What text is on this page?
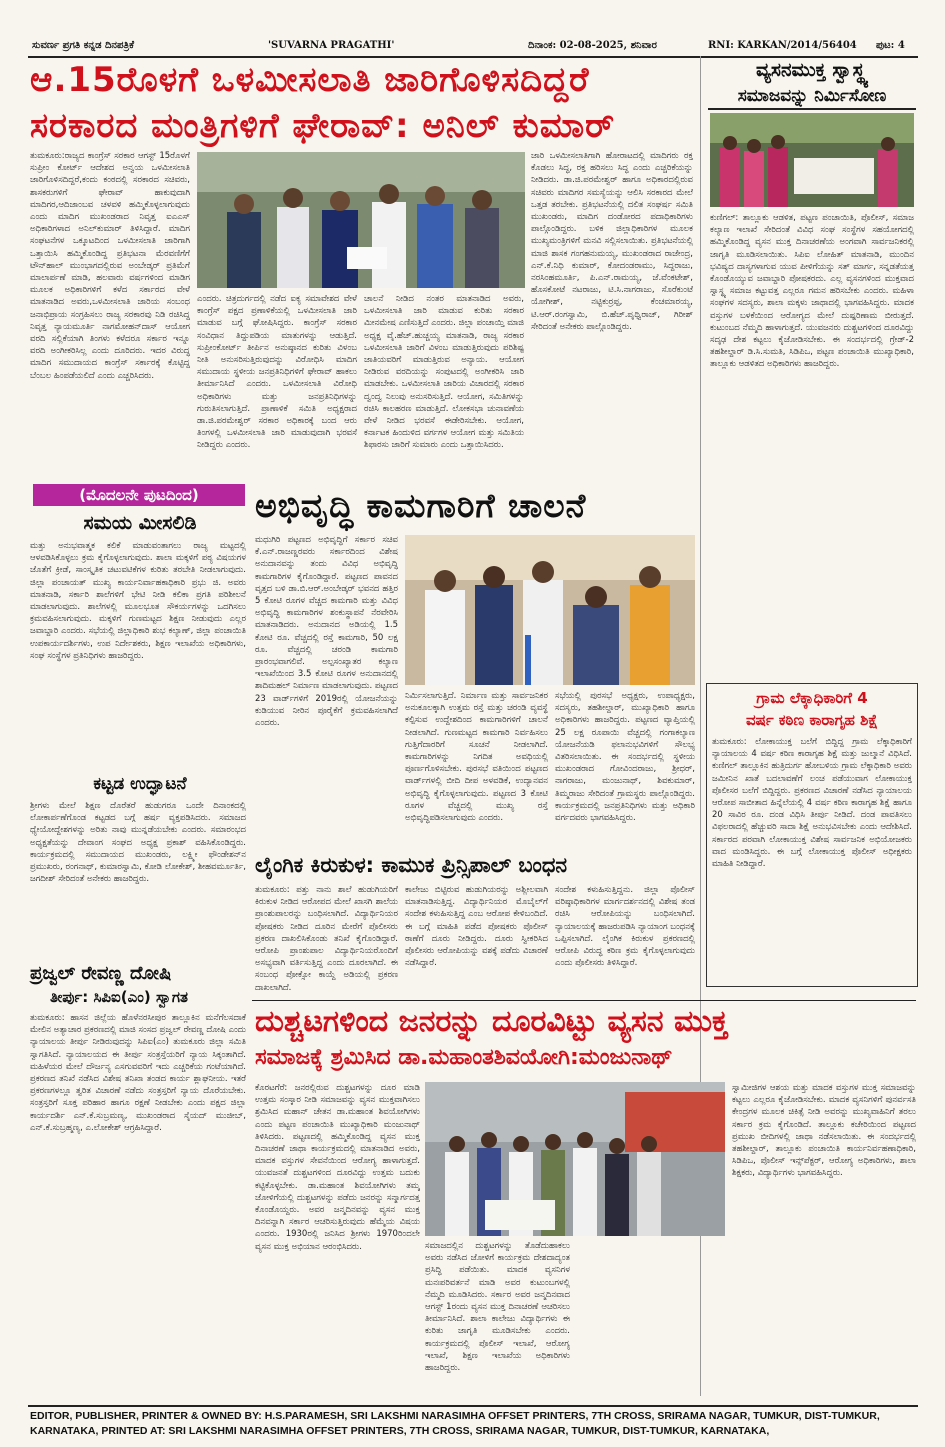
ಸುವರ್ಣ ಪ್ರಗತಿ ಕನ್ನಡ ದಿನಪತ್ರಿಕೆ	'SUVARNA PRAGATHI'	ದಿನಾಂಕ: 02-08-2025, ಶನಿವಾರ	RNI: KARKAN/2014/56404 ಪುಟ: 4
ಆ.15ರೊಳಗೆ ಒಳಮೀಸಲಾತಿ ಜಾರಿಗೊಳಿಸದಿದ್ದರೆ
ಸರಕಾರದ ಮಂತ್ರಿಗಳಿಗೆ ಘೇರಾವ್: ಅನಿಲ್ ಕುಮಾರ್
ತುಮಕೂರು:ರಾಜ್ಯದ ಕಾಂಗ್ರೆಸ್ ಸರಕಾರ ಆಗಸ್ಟ್ 15ರೊಳಗೆ ಸುಪ್ರೀಂ ಕೋರ್ಟ್ ಆದೇಶದ ಅನ್ವಯ ಒಳಮೀಸಲಾತಿ ಜಾರಿಗೊಳಿಸದಿದ್ದರೆ,ಕಂದು ಕಂಠದಲ್ಲಿ ಸರಕಾರದ ಸಚಿವರು, ಶಾಸಕರುಗಳಿಗೆ ಘೇರಾವ್ ಹಾಕುವುದಾಗಿ ಮಾದಿಗರ,ಆದಿಜಾಂಬವ ಚಳವಳಿ ಹಮ್ಮಿಕೊಳ್ಳಲಾಗುವುದು ಎಂದು ಮಾದಿಗ ಮುಖಂಡರಾದ ನಿವೃತ್ತ ಐಎಎಸ್ ಅಧಿಕಾರಿಗಳಾದ ಅನಿಲ್‌ಕುಮಾರ್ ತಿಳಿಸಿದ್ದಾರೆ. ಮಾದಿಗ ಸಂಘಟನೆಗಳ ಒಕ್ಕೂಟದಿಂದ ಒಳಮೀಸಲಾತಿ ಜಾರಿಗಾಗಿ ಒತ್ತಾಯಿಸಿ ಹಮ್ಮಿಕೊಂಡಿದ್ದ ಪ್ರತಿಭಟನಾ ಮೆರವಣಿಗೆಗೆ ಟೌನ್‌ಹಾಲ್ ಮುಂಭಾಗದಲ್ಲಿರುವ ಅಂಬೇಡ್ಕರ್ ಪ್ರತಿಮೆಗೆ ಮಾಲಾರ್ಪಣೆ ಮಾಡಿ, ಹಲವಾರು ವರ್ಷಗಳಿಂದ ಮಾಡಿಗ ಮೂಲಕ ಅಧಿಕಾರಿಗಳಿಗೆ ಕಳೆದ ಸರ್ಕಾರದ ವೇಳೆ ಮಾತನಾಡಿದ ಅವರು,ಒಳಮೀಸಲಾತಿ ಜಾರಿಯ ಸಂಬಂಧ ಜನಾಭಿಪ್ರಾಯ ಸಂಗ್ರಹಿಸಲು ರಾಜ್ಯ ಸರಕಾರವು ನಿಡಿ ರಚಿಸಿದ್ದ ನಿವೃತ್ತ ನ್ಯಾಯಮೂರ್ತಿ ನಾಗಮೋಹನ್‌ದಾಸ್ ಆಯೋಗ ವರದಿ ಸಲ್ಲಿಕೆಯಾಗಿ ತಿಂಗಳು ಕಳೆದರೂ ಸರ್ಕಾರ ಇನ್ನೂ ವರದಿ ಅಂಗೀಕರಿಸಿಲ್ಲ ಎಂದು ದೂರಿದರು. ಇದರ ವಿರುದ್ಧ ಮಾದಿಗ ಸಮುದಾಯದ ಕಾಂಗ್ರೆಸ್ ಸರ್ಕಾರಕ್ಕೆ ಕೊಟ್ಟಿದ್ದ ಬೆಂಬಲ ಹಿಂಪಡೆಯಲಿದೆ ಎಂದು ಎಚ್ಚರಿಸಿದರು.
ಎಂದರು. ಚಿತ್ರದುರ್ಗದಲ್ಲಿ ನಡೆದ ಐಕ್ಯ ಸಮಾವೇಶದ ವೇಳೆ ಕಾಂಗ್ರೆಸ್ ಪಕ್ಷದ ಪ್ರಣಾಳಿಕೆಯಲ್ಲಿ ಒಳಮೀಸಲಾತಿ ಜಾರಿ ಮಾಡುವ ಬಗ್ಗೆ ಘೋಷಿಸಿದ್ದರು. ಕಾಂಗ್ರೆಸ್ ಸರಕಾರ ಸಂವಿಧಾನ ತಿದ್ದುಪಡಿಯ ಮಾತುಗಳನ್ನು ಆಡುತ್ತಿದೆ. ಸುಪ್ರೀಂಕೋರ್ಟ್ ತೀರ್ಪಿನ ಅನುಷ್ಠಾನದ ಕುರಿತು ವಿಳಂಬ ನೀತಿ ಅನುಸರಿಸುತ್ತಿರುವುದನ್ನು ವಿರೋಧಿಸಿ ಮಾದಿಗ ಸಮುದಾಯ ಸ್ಥಳೀಯ ಜನಪ್ರತಿನಿಧಿಗಳಿಗೆ ಘೇರಾವ್ ಹಾಕಲು ತೀರ್ಮಾನಿಸಿದೆ ಎಂದರು. ಒಳಮೀಸಲಾತಿ ವಿರೋಧಿ ಅಧಿಕಾರಿಗಳು ಮತ್ತು ಜನಪ್ರತಿನಿಧಿಗಳನ್ನು ಗುರುತಿಸಲಾಗುತ್ತಿದೆ. ಪ್ರಾಣಾಳಿಕೆ ಸಮಿತಿ ಅಧ್ಯಕ್ಷರಾದ ಡಾ.ಜಿ.ಪರಮೇಶ್ವರ್ ಸರಕಾರ ಅಧಿಕಾರಕ್ಕೆ ಬಂದ ಆರು ತಿಂಗಳಲ್ಲಿ ಒಳಮೀಸಲಾತಿ ಜಾರಿ ಮಾಡುವುದಾಗಿ ಭರವಸೆ ನೀಡಿದ್ದರು ಎಂದರು.
ಚಾಲನೆ ನೀಡಿದ ನಂತರ ಮಾತನಾಡಿದ ಅವರು, ಒಳಮೀಸಲಾತಿ ಜಾರಿ ಮಾಡುವ ಕುರಿತು ಸರಕಾರ ಮೀನಮೇಷ ಎಣಿಸುತ್ತಿದೆ ಎಂದರು. ಜಿಲ್ಲಾ ಪಂಚಾಯ್ತಿ ಮಾಜಿ ಅಧ್ಯಕ್ಷ ವೈ.ಹೆಚ್.ಹುಚ್ಚಯ್ಯ ಮಾತನಾಡಿ, ರಾಜ್ಯ ಸರಕಾರ ಒಳಮೀಸಲಾತಿ ಜಾರಿಗೆ ವಿಳಂಬ ಮಾಡುತ್ತಿರುವುದು ಪರಿಶಿಷ್ಟ ಜಾತಿಯವರಿಗೆ ಮಾಡುತ್ತಿರುವ ಅನ್ಯಾಯ. ಆಯೋಗ ನೀಡಿರುವ ವರದಿಯನ್ನು ಸಂಪುಟದಲ್ಲಿ ಅಂಗೀಕರಿಸಿ ಜಾರಿ ಮಾಡಬೇಕು. ಒಳಮೀಸಲಾತಿ ಜಾರಿಯ ವಿಚಾರದಲ್ಲಿ ಸರಕಾರ ದ್ವಂದ್ವ ನಿಲುವು ಅನುಸರಿಸುತ್ತಿದೆ. ಆಯೋಗ, ಸಮಿತಿಗಳನ್ನು ರಚಿಸಿ ಕಾಲಹರಣ ಮಾಡುತ್ತಿದೆ. ಲೋಕಸಭಾ ಚುನಾವಣೆಯ ವೇಳೆ ನೀಡಿದ ಭರವಸೆ ಈಡೇರಿಸಬೇಕು. ಆಯೋಗ, ಕರ್ನಾಟಕ ಹಿಂದುಳಿದ ವರ್ಗಗಳ ಆಯೋಗ ಮತ್ತು ಸಮಿತಿಯ ಶಿಫಾರಸು ಜಾರಿಗೆ ಸುಮಾರು ಎಂದು ಒತ್ತಾಯಿಸಿದರು.
ಜಾರಿ ಒಳಮೀಸಲಾತಿಗಾಗಿ ಹೋರಾಟದಲ್ಲಿ ಮಾದಿಗರು ರಕ್ತ ಕೊಡಲು ಸಿದ್ಧ, ರಕ್ತ ಹರಿಸಲು ಸಿದ್ಧ ಎಂದು ಎಚ್ಚರಿಕೆಯನ್ನು ನೀಡಿದರು. ಡಾ.ಜಿ.ಪರಮೇಶ್ವರ್ ಹಾಗೂ ಅಧಿಕಾರದಲ್ಲಿರುವ ಸಚಿವರು ಮಾದಿಗರ ಸಮಸ್ಯೆಯನ್ನು ಆಲಿಸಿ ಸರಕಾರದ ಮೇಲೆ ಒತ್ತಡ ತರಬೇಕು. ಪ್ರತಿಭಟನೆಯಲ್ಲಿ ದಲಿತ ಸಂಘರ್ಷ ಸಮಿತಿ ಮುಖಂಡರು, ಮಾದಿಗ ದಂಡೋರದ ಪದಾಧಿಕಾರಿಗಳು ಪಾಲ್ಗೊಂಡಿದ್ದರು. ಬಳಿಕ ಜಿಲ್ಲಾಧಿಕಾರಿಗಳ ಮೂಲಕ ಮುಖ್ಯಮಂತ್ರಿಗಳಿಗೆ ಮನವಿ ಸಲ್ಲಿಸಲಾಯಿತು. ಪ್ರತಿಭಟನೆಯಲ್ಲಿ ಮಾಜಿ ಶಾಸಕ ಗಂಗಹನುಮಯ್ಯ, ಮುಖಂಡರಾದ ರಾಜೇಂದ್ರ, ಎನ್.ಕೆ.ನಿಧಿ ಕುಮಾರ್, ಕೋದಂಡರಾಮು, ಸಿದ್ದರಾಜು, ನರಸಿಂಹಮೂರ್ತಿ, ಪಿ.ಎನ್.ರಾಮಯ್ಯ, ಜೆ.ವೆಂಕಟೇಶ್, ಹೊಸಕೋಟೆ ನಟರಾಜು, ಟಿ.ಸಿ.ನಾಗರಾಜು, ಸೊರೆಕುಂಟೆ ಯೋಗೀಶ್, ನಟ್ಟಿಕುರ್‍ರಪ್ಪ, ಕೆಂಚಮಾರಯ್ಯ, ಟಿ.ಆರ್.ರಂಗಸ್ವಾಮಿ, ಬಿ.ಹೆಚ್.ಪೃಥ್ವಿರಾಜ್, ಗಿರೀಶ್ ಸೇರಿದಂತೆ ಅನೇಕರು ಪಾಲ್ಗೊಂಡಿದ್ದರು.
ವ್ಯಸನಮುಕ್ತ ಸ್ವಾಸ್ಥ್ಯ
ಸಮಾಜವನ್ನು ನಿರ್ಮಿಸೋಣ
ಕುಣಿಗಲ್: ತಾಲ್ಲೂಕು ಆಡಳಿತ, ಪಟ್ಟಣ ಪಂಚಾಯಿತಿ, ಪೊಲೀಸ್, ಸಮಾಜ ಕಲ್ಯಾಣ ಇಲಾಖೆ ಸೇರಿದಂತೆ ವಿವಿಧ ಸಂಘ ಸಂಸ್ಥೆಗಳ ಸಹಯೋಗದಲ್ಲಿ ಹಮ್ಮಿಕೊಂಡಿದ್ದ ವ್ಯಸನ ಮುಕ್ತ ದಿನಾಚರಣೆಯ ಅಂಗವಾಗಿ ಸಾರ್ವಜನಿಕರಲ್ಲಿ ಜಾಗೃತಿ ಮೂಡಿಸಲಾಯಿತು. ಸಿಪಿಐ ಲೋಹಿತ್ ಮಾತನಾಡಿ, ಮುಂದಿನ ಭವಿಷ್ಯದ ದಾಸ್ಯಗಳಾಗುವ ಯುವ ಪೀಳಿಗೆಯನ್ನು ಸತ್ ಮಾರ್ಗ, ಸನ್ನಡತೆಯತ್ತ ಕೊಂಡೊಯ್ಯುವ ಜವಾಬ್ದಾರಿ ಪೋಷಕರದು. ಎಲ್ಲ ವ್ಯಸನಗಳಿಂದ ಮುಕ್ತವಾದ ಸ್ವಾಸ್ಥ್ಯ ಸಮಾಜ ಕಟ್ಟುವತ್ತ ಎಲ್ಲರೂ ಗಮನ ಹರಿಸಬೇಕು ಎಂದರು. ಮಹಿಳಾ ಸಂಘಗಳ ಸದಸ್ಯರು, ಶಾಲಾ ಮಕ್ಕಳು ಜಾಥಾದಲ್ಲಿ ಭಾಗವಹಿಸಿದ್ದರು. ಮಾದಕ ವಸ್ತುಗಳ ಬಳಕೆಯಿಂದ ಆರೋಗ್ಯದ ಮೇಲೆ ದುಷ್ಪರಿಣಾಮ ಬೀರುತ್ತದೆ. ಕುಟುಂಬದ ನೆಮ್ಮದಿ ಹಾಳಾಗುತ್ತದೆ. ಯುವಜನರು ದುಶ್ಚಟಗಳಿಂದ ದೂರವಿದ್ದು ಸದೃಢ ದೇಶ ಕಟ್ಟಲು ಕೈಜೋಡಿಸಬೇಕು. ಈ ಸಂದರ್ಭದಲ್ಲಿ ಗ್ರೇಡ್-2 ತಹಶೀಲ್ದಾರ್ ಡಿ.ಸಿ.ಸುಮತಿ, ಸಿಡಿಪಿಒ, ಪಟ್ಟಣ ಪಂಚಾಯಿತಿ ಮುಖ್ಯಾಧಿಕಾರಿ, ತಾಲ್ಲೂಕು ಆಡಳಿತದ ಅಧಿಕಾರಿಗಳು ಹಾಜರಿದ್ದರು.
ಗ್ರಾಮ ಲೆಕ್ಕಾಧಿಕಾರಿಗೆ 4
ವರ್ಷ ಕಠಿಣ ಕಾರಾಗೃಹ ಶಿಕ್ಷೆ
ತುಮಕೂರು: ಲೋಕಾಯುಕ್ತ ಬಲೆಗೆ ಬಿದ್ದಿದ್ದ ಗ್ರಾಮ ಲೆಕ್ಕಾಧಿಕಾರಿಗೆ ನ್ಯಾಯಾಲಯ 4 ವರ್ಷ ಕಠಿಣ ಕಾರಾಗೃಹ ಶಿಕ್ಷೆ ಮತ್ತು ಜುಲ್ಮಾನೆ ವಿಧಿಸಿದೆ. ಕುಣಿಗಲ್ ತಾಲ್ಲೂಕಿನ ಹುತ್ರಿದುರ್ಗ ಹೋಬಳಿಯ ಗ್ರಾಮ ಲೆಕ್ಕಾಧಿಕಾರಿ ಅವರು ಜಮೀನಿನ ಖಾತೆ ಬದಲಾವಣೆಗೆ ಲಂಚ ಪಡೆಯುವಾಗ ಲೋಕಾಯುಕ್ತ ಪೊಲೀಸರ ಬಲೆಗೆ ಬಿದ್ದಿದ್ದರು. ಪ್ರಕರಣದ ವಿಚಾರಣೆ ನಡೆಸಿದ ನ್ಯಾಯಾಲಯ ಆರೋಪ ಸಾಬೀತಾದ ಹಿನ್ನೆಲೆಯಲ್ಲಿ 4 ವರ್ಷ ಕಠಿಣ ಕಾರಾಗೃಹ ಶಿಕ್ಷೆ ಹಾಗೂ 20 ಸಾವಿರ ರೂ. ದಂಡ ವಿಧಿಸಿ ತೀರ್ಪು ನೀಡಿದೆ. ದಂಡ ಪಾವತಿಸಲು ವಿಫಲರಾದಲ್ಲಿ ಹೆಚ್ಚುವರಿ ಸಾದಾ ಶಿಕ್ಷೆ ಅನುಭವಿಸಬೇಕು ಎಂದು ಆದೇಶಿಸಿದೆ. ಸರ್ಕಾರದ ಪರವಾಗಿ ಲೋಕಾಯುಕ್ತ ವಿಶೇಷ ಸಾರ್ವಜನಿಕ ಅಭಿಯೋಜಕರು ವಾದ ಮಂಡಿಸಿದ್ದರು. ಈ ಬಗ್ಗೆ ಲೋಕಾಯುಕ್ತ ಪೊಲೀಸ್ ಅಧೀಕ್ಷಕರು ಮಾಹಿತಿ ನೀಡಿದ್ದಾರೆ.
(ಮೊದಲನೇ ಪುಟದಿಂದ)
ಸಮಯ ಮೀಸಲಿಡಿ
ಮತ್ತು ಅನುಭವಾತ್ಮಕ ಕಲಿಕೆ ಮಾಡುವಂತಾಗಲು ರಾಜ್ಯ ಮಟ್ಟದಲ್ಲಿ ಆಳವಡಿಸಿಕೊಳ್ಳಲು ಕ್ರಮ ಕೈಗೊಳ್ಳಲಾಗುವುದು. ಶಾಲಾ ಮಕ್ಕಳಿಗೆ ಪಠ್ಯ ವಿಷಯಗಳ ಜೊತೆಗೆ ಕ್ರೀಡೆ, ಸಾಂಸ್ಕೃತಿಕ ಚಟುವಟಿಕೆಗಳ ಕುರಿತು ತರಬೇತಿ ನೀಡಲಾಗುವುದು. ಜಿಲ್ಲಾ ಪಂಚಾಯತ್ ಮುಖ್ಯ ಕಾರ್ಯನಿರ್ವಾಹಕಾಧಿಕಾರಿ ಪ್ರಭು ಜಿ. ಅವರು ಮಾತನಾಡಿ, ಸರ್ಕಾರಿ ಶಾಲೆಗಳಿಗೆ ಭೇಟಿ ನೀಡಿ ಕಲಿಕಾ ಪ್ರಗತಿ ಪರಿಶೀಲನೆ ಮಾಡಲಾಗುವುದು. ಶಾಲೆಗಳಲ್ಲಿ ಮೂಲಭೂತ ಸೌಕರ್ಯಗಳನ್ನು ಒದಗಿಸಲು ಕ್ರಮವಹಿಸಲಾಗುವುದು. ಮಕ್ಕಳಿಗೆ ಗುಣಮಟ್ಟದ ಶಿಕ್ಷಣ ನೀಡುವುದು ಎಲ್ಲರ ಜವಾಬ್ದಾರಿ ಎಂದರು. ಸಭೆಯಲ್ಲಿ ಜಿಲ್ಲಾಧಿಕಾರಿ ಶುಭ ಕಲ್ಯಾಣ್, ಜಿಲ್ಲಾ ಪಂಚಾಯಿತಿ ಉಪಕಾರ್ಯದರ್ಶಿಗಳು, ಉಪ ನಿರ್ದೇಶಕರು, ಶಿಕ್ಷಣ ಇಲಾಖೆಯ ಅಧಿಕಾರಿಗಳು, ಸಂಘ ಸಂಸ್ಥೆಗಳ ಪ್ರತಿನಿಧಿಗಳು ಹಾಜರಿದ್ದರು.
ಕಟ್ಟಡ ಉದ್ಘಾಟನೆ
ಶ್ರೀಗಳು ಮೇಲೆ ಶಿಕ್ಷಣ ದೊರೆತರೆ ಹುಡುಗರೂ ಒಂದೇ ದಿನಾಂಕದಲ್ಲಿ ಲೋಕಾರ್ಪಣೆಗೊಂಡ ಕಟ್ಟಡದ ಬಗ್ಗೆ ಹರ್ಷ ವ್ಯಕ್ತಪಡಿಸಿದರು. ಸಮಾಜದ ಧ್ಯೇಯೋದ್ದೇಶಗಳನ್ನು ಅರಿತು ನಾವು ಮುನ್ನಡೆಯಬೇಕು ಎಂದರು. ಸಮಾರಂಭದ ಅಧ್ಯಕ್ಷತೆಯನ್ನು ದೇವಾಂಗ ಸಂಘದ ಅಧ್ಯಕ್ಷ ಪ್ರಕಾಶ್ ವಹಿಸಿಕೊಂಡಿದ್ದರು. ಕಾರ್ಯಕ್ರಮದಲ್ಲಿ ಸಮುದಾಯದ ಮುಖಂಡರು, ಲಕ್ಷ್ಮೀ ಫೌಂಡೇಶನ್‌ನ ಪ್ರಮುಖರು, ರಂಗನಾಥ್, ಕುಮಾರಸ್ವಾಮಿ, ಕೋಡಿ ಲೋಕೇಶ್, ಶೀಹವರ್ಮೂರ್ತಿ, ಜಗದೀಶ್ ಸೇರಿದಂತೆ ಅನೇಕರು ಹಾಜರಿದ್ದರು.
ಪ್ರಜ್ವಲ್ ರೇವಣ್ಣ ದೋಷಿ
ತೀರ್ಪು: ಸಿಪಿಐ(ಎಂ) ಸ್ವಾಗತ
ತುಮಕೂರು: ಹಾಸನ ಜಿಲ್ಲೆಯ ಹೊಳೆನರಸೀಪುರ ತಾಲ್ಲೂಕಿನ ಮನೆಗೆಲಸದಾಕೆ ಮೇಲಿನ ಅತ್ಯಾಚಾರ ಪ್ರಕರಣದಲ್ಲಿ ಮಾಜಿ ಸಂಸದ ಪ್ರಜ್ವಲ್ ರೇವಣ್ಣ ದೋಷಿ ಎಂದು ನ್ಯಾಯಾಲಯ ತೀರ್ಪು ನೀಡಿರುವುದನ್ನು ಸಿಪಿಐ(ಎಂ) ತುಮಕೂರು ಜಿಲ್ಲಾ ಸಮಿತಿ ಸ್ವಾಗತಿಸಿದೆ. ನ್ಯಾಯಾಲಯದ ಈ ತೀರ್ಪು ಸಂತ್ರಸ್ತೆಯರಿಗೆ ನ್ಯಾಯ ಸಿಕ್ಕಂತಾಗಿದೆ. ಮಹಿಳೆಯರ ಮೇಲೆ ದೌರ್ಜನ್ಯ ಎಸಗುವವರಿಗೆ ಇದು ಎಚ್ಚರಿಕೆಯ ಗಂಟೆಯಾಗಿದೆ. ಪ್ರಕರಣದ ತನಿಖೆ ನಡೆಸಿದ ವಿಶೇಷ ತನಿಖಾ ತಂಡದ ಕಾರ್ಯ ಶ್ಲಾಘನೀಯ. ಇತರೆ ಪ್ರಕರಣಗಳಲ್ಲೂ ತ್ವರಿತ ವಿಚಾರಣೆ ನಡೆದು ಸಂತ್ರಸ್ತರಿಗೆ ನ್ಯಾಯ ದೊರೆಯಬೇಕು. ಸಂತ್ರಸ್ತರಿಗೆ ಸೂಕ್ತ ಪರಿಹಾರ ಹಾಗೂ ರಕ್ಷಣೆ ನೀಡಬೇಕು ಎಂದು ಪಕ್ಷದ ಜಿಲ್ಲಾ ಕಾರ್ಯದರ್ಶಿ ಎನ್.ಕೆ.ಸುಬ್ರಮಣ್ಯ, ಮುಖಂಡರಾದ ಸೈಯದ್ ಮುಜೀಬ್, ಎನ್.ಕೆ.ಸುಬ್ರಹ್ಮಣ್ಯ, ಎ.ಲೋಕೇಶ್ ಆಗ್ರಹಿಸಿದ್ದಾರೆ.
ಅಭಿವೃದ್ಧಿ ಕಾಮಗಾರಿಗೆ ಚಾಲನೆ
ಮಧುಗಿರಿ ಪಟ್ಟಣದ ಅಭಿವೃದ್ಧಿಗೆ ಸರ್ಕಾರ ಸಚಿವ ಕೆ.ಎನ್.ರಾಜಣ್ಣರವರು ಸರ್ಕಾರದಿಂದ ವಿಶೇಷ ಅನುದಾನವನ್ನು ತಂದು ವಿವಿಧ ಅಭಿವೃದ್ಧಿ ಕಾಮಗಾರಿಗಳ ಕೈಗೊಂಡಿದ್ದಾರೆ. ಪಟ್ಟಣದ ಪಾವನದ ವೃತ್ತದ ಬಳಿ ಡಾ.ಬಿ.ಆರ್.ಅಂಬೇಡ್ಕರ್ ಭವನದ ಹತ್ತಿರ 5 ಕೋಟಿ ರೂಗಳ ವೆಚ್ಚದ ಕಾಮಗಾರಿ ಮತ್ತು ವಿವಿಧ ಅಭಿವೃದ್ಧಿ ಕಾಮಗಾರಿಗಳ ಶಂಕುಸ್ಥಾಪನೆ ನೆರವೇರಿಸಿ ಮಾತನಾಡಿದರು. ಅನುದಾನದ ಅಡಿಯಲ್ಲಿ 1.5 ಕೋಟಿ ರೂ. ವೆಚ್ಚದಲ್ಲಿ ರಸ್ತೆ ಕಾಮಗಾರಿ, 50 ಲಕ್ಷ ರೂ. ವೆಚ್ಚದಲ್ಲಿ ಚರಂಡಿ ಕಾಮಗಾರಿ ಪ್ರಾರಂಭವಾಗಲಿವೆ. ಅಲ್ಪಸಂಖ್ಯಾತರ ಕಲ್ಯಾಣ ಇಲಾಖೆಯಿಂದ 3.5 ಕೋಟಿ ರೂಗಳ ಅನುದಾನದಲ್ಲಿ ಶಾದಿಮಹಲ್ ನಿರ್ಮಾಣ ಮಾಡಲಾಗುವುದು. ಪಟ್ಟಣದ 23 ವಾರ್ಡ್‌ಗಳಿಗೆ 2019ರಲ್ಲಿ ಯೋಜನೆಯನ್ನು ಕುಡಿಯುವ ನೀರಿನ ಪೂರೈಕೆಗೆ ಕ್ರಮವಹಿಸಲಾಗಿದೆ ಎಂದರು.
ನಿರ್ಮಿಸಲಾಗುತ್ತಿದೆ. ನಿರ್ಮಾಣ ಮತ್ತು ಸಾರ್ವಜನಿಕರ ಅನುಕೂಲಕ್ಕಾಗಿ ಉತ್ತಮ ರಸ್ತೆ ಮತ್ತು ಚರಂಡಿ ವ್ಯವಸ್ಥೆ ಕಲ್ಪಿಸುವ ಉದ್ದೇಶದಿಂದ ಕಾಮಗಾರಿಗಳಿಗೆ ಚಾಲನೆ ನೀಡಲಾಗಿದೆ. ಗುಣಮಟ್ಟದ ಕಾಮಗಾರಿ ನಿರ್ವಹಿಸಲು ಗುತ್ತಿಗೆದಾರರಿಗೆ ಸೂಚನೆ ನೀಡಲಾಗಿದೆ. ಕಾಮಗಾರಿಗಳನ್ನು ನಿಗದಿತ ಅವಧಿಯಲ್ಲಿ ಪೂರ್ಣಗೊಳಿಸಬೇಕು. ಪುರಸಭೆ ವತಿಯಿಂದ ಪಟ್ಟಣದ ವಾರ್ಡ್‌ಗಳಲ್ಲಿ ಬೀದಿ ದೀಪ ಅಳವಡಿಕೆ, ಉದ್ಯಾನವನ ಅಭಿವೃದ್ಧಿ ಕೈಗೊಳ್ಳಲಾಗುವುದು. ಪಟ್ಟಣದ 3 ಕೋಟಿ ರೂಗಳ ವೆಚ್ಚದಲ್ಲಿ ಮುಖ್ಯ ರಸ್ತೆ ಅಭಿವೃದ್ಧಿಪಡಿಸಲಾಗುವುದು ಎಂದರು.
ಸಭೆಯಲ್ಲಿ ಪುರಸಭೆ ಅಧ್ಯಕ್ಷರು, ಉಪಾಧ್ಯಕ್ಷರು, ಸದಸ್ಯರು, ತಹಶೀಲ್ದಾರ್, ಮುಖ್ಯಾಧಿಕಾರಿ ಹಾಗೂ ಅಧಿಕಾರಿಗಳು ಹಾಜರಿದ್ದರು. ಪಟ್ಟಣದ ವ್ಯಾಪ್ತಿಯಲ್ಲಿ 25 ಲಕ್ಷ ರೂಪಾಯಿ ವೆಚ್ಚದಲ್ಲಿ ಗಂಗಾಕಲ್ಯಾಣ ಯೋಜನೆಯಡಿ ಫಲಾನುಭವಿಗಳಿಗೆ ಸೌಲಭ್ಯ ವಿತರಿಸಲಾಯಿತು. ಈ ಸಂದರ್ಭದಲ್ಲಿ ಸ್ಥಳೀಯ ಮುಖಂಡರಾದ ಗೋವಿಂದರಾಜು, ಶ್ರೀಧರ್, ನಾಗರಾಜು, ಮಂಜುನಾಥ್, ಶಿವಕುಮಾರ್, ತಿಮ್ಮರಾಜು ಸೇರಿದಂತೆ ಗ್ರಾಮಸ್ಥರು ಪಾಲ್ಗೊಂಡಿದ್ದರು. ಕಾರ್ಯಕ್ರಮದಲ್ಲಿ ಜನಪ್ರತಿನಿಧಿಗಳು ಮತ್ತು ಅಧಿಕಾರಿ ವರ್ಗದವರು ಭಾಗವಹಿಸಿದ್ದರು.
ಲೈಂಗಿಕ ಕಿರುಕುಳ: ಕಾಮುಕ ಪ್ರಿನ್ಸಿಪಾಲ್ ಬಂಧನ
ತುಮಕೂರು: ಪತ್ತು ನಾನು ಶಾಲೆ ಹುಡುಗಿಯರಿಗೆ ಕಿರುಕುಳ ನೀಡಿದ ಆರೋಪದ ಮೇಲೆ ಖಾಸಗಿ ಶಾಲೆಯ ಪ್ರಾಂಶುಪಾಲರನ್ನು ಬಂಧಿಸಲಾಗಿದೆ. ವಿದ್ಯಾರ್ಥಿನಿಯರ ಪೋಷಕರು ನೀಡಿದ ದೂರಿನ ಮೇರೆಗೆ ಪೊಲೀಸರು ಪ್ರಕರಣ ದಾಖಲಿಸಿಕೊಂಡು ತನಿಖೆ ಕೈಗೊಂಡಿದ್ದಾರೆ. ಆರೋಪಿ ಪ್ರಾಂಶುಪಾಲ ವಿದ್ಯಾರ್ಥಿನಿಯರೊಂದಿಗೆ ಅಸಭ್ಯವಾಗಿ ವರ್ತಿಸುತ್ತಿದ್ದ ಎಂದು ದೂರಲಾಗಿದೆ. ಈ ಸಂಬಂಧ ಪೋಕ್ಸೋ ಕಾಯ್ದೆ ಅಡಿಯಲ್ಲಿ ಪ್ರಕರಣ ದಾಖಲಾಗಿದೆ.
ಕಾಲೇಜು ಬಿಟ್ಟಿರುವ ಹುಡುಗಿಯರನ್ನು ಅಶ್ಲೀಲವಾಗಿ ಮಾತನಾಡಿಸುತ್ತಿದ್ದ. ವಿದ್ಯಾರ್ಥಿನಿಯರ ಮೊಬೈಲ್‌ಗೆ ಸಂದೇಶ ಕಳುಹಿಸುತ್ತಿದ್ದ ಎಂಬ ಆರೋಪ ಕೇಳಿಬಂದಿದೆ. ಈ ಬಗ್ಗೆ ಮಾಹಿತಿ ಪಡೆದ ಪೋಷಕರು ಪೊಲೀಸ್ ಠಾಣೆಗೆ ದೂರು ನೀಡಿದ್ದರು. ದೂರು ಸ್ವೀಕರಿಸಿದ ಪೊಲೀಸರು ಆರೋಪಿಯನ್ನು ವಶಕ್ಕೆ ಪಡೆದು ವಿಚಾರಣೆ ನಡೆಸಿದ್ದಾರೆ.
ಸಂದೇಶ ಕಳುಹಿಸುತ್ತಿದ್ದನು. ಜಿಲ್ಲಾ ಪೊಲೀಸ್ ವರಿಷ್ಠಾಧಿಕಾರಿಗಳ ಮಾರ್ಗದರ್ಶನದಲ್ಲಿ ವಿಶೇಷ ತಂಡ ರಚಿಸಿ ಆರೋಪಿಯನ್ನು ಬಂಧಿಸಲಾಗಿದೆ. ನ್ಯಾಯಾಲಯಕ್ಕೆ ಹಾಜರುಪಡಿಸಿ ನ್ಯಾಯಾಂಗ ಬಂಧನಕ್ಕೆ ಒಪ್ಪಿಸಲಾಗಿದೆ. ಲೈಂಗಿಕ ಕಿರುಕುಳ ಪ್ರಕರಣದಲ್ಲಿ ಆರೋಪಿ ವಿರುದ್ಧ ಕಠಿಣ ಕ್ರಮ ಕೈಗೊಳ್ಳಲಾಗುವುದು ಎಂದು ಪೊಲೀಸರು ತಿಳಿಸಿದ್ದಾರೆ.
ದುಶ್ಚಟಗಳಿಂದ ಜನರನ್ನು ದೂರವಿಟ್ಟು ವ್ಯಸನ ಮುಕ್ತ
ಸಮಾಜಕ್ಕೆ ಶ್ರಮಿಸಿದ ಡಾ.ಮಹಾಂತಶಿವಯೋಗಿ:ಮಂಜುನಾಥ್
ಕೊರಟಗೆರೆ: ಜನರಲ್ಲಿರುವ ದುಶ್ಚಟಗಳನ್ನು ದೂರ ಮಾಡಿ ಉತ್ತಮ ಸಂಸ್ಕಾರ ನೀಡಿ ಸಮಾಜವನ್ನು ವ್ಯಸನ ಮುಕ್ತವಾಗಿಸಲು ಶ್ರಮಿಸಿದ ಮಹಾನ್ ಚೇತನ ಡಾ.ಮಹಾಂತ ಶಿವಯೋಗಿಗಳು ಎಂದು ಪಟ್ಟಣ ಪಂಚಾಯಿತಿ ಮುಖ್ಯಾಧಿಕಾರಿ ಮಂಜುನಾಥ್ ತಿಳಿಸಿದರು. ಪಟ್ಟಣದಲ್ಲಿ ಹಮ್ಮಿಕೊಂಡಿದ್ದ ವ್ಯಸನ ಮುಕ್ತ ದಿನಾಚರಣೆ ಜಾಥಾ ಕಾರ್ಯಕ್ರಮದಲ್ಲಿ ಮಾತನಾಡಿದ ಅವರು, ಮಾದಕ ವಸ್ತುಗಳ ಸೇವನೆಯಿಂದ ಆರೋಗ್ಯ ಹಾಳಾಗುತ್ತದೆ. ಯುವಜನತೆ ದುಶ್ಚಟಗಳಿಂದ ದೂರವಿದ್ದು ಉತ್ತಮ ಬದುಕು ಕಟ್ಟಿಕೊಳ್ಳಬೇಕು. ಡಾ.ಮಹಾಂತ ಶಿವಯೋಗಿಗಳು ತಮ್ಮ ಜೋಳಿಗೆಯಲ್ಲಿ ದುಶ್ಚಟಗಳನ್ನು ಪಡೆದು ಜನರನ್ನು ಸನ್ಮಾರ್ಗದತ್ತ ಕೊಂಡೊಯ್ದರು. ಅವರ ಜನ್ಮದಿನವನ್ನು ವ್ಯಸನ ಮುಕ್ತ ದಿನವನ್ನಾಗಿ ಸರ್ಕಾರ ಆಚರಿಸುತ್ತಿರುವುದು ಹೆಮ್ಮೆಯ ವಿಷಯ ಎಂದರು. 1930ರಲ್ಲಿ ಜನಿಸಿದ ಶ್ರೀಗಳು 1970ರಿಂದಲೇ ವ್ಯಸನ ಮುಕ್ತ ಅಭಿಯಾನ ಆರಂಭಿಸಿದರು.	ಸಮಾಜದಲ್ಲಿನ ದುಶ್ಚಟಗಳನ್ನು ತೊಡೆದುಹಾಕಲು ಅವರು ನಡೆಸಿದ ಜೋಳಿಗೆ ಕಾರ್ಯಕ್ರಮ ದೇಶದಾದ್ಯಂತ ಪ್ರಸಿದ್ಧಿ ಪಡೆಯಿತು. ಮಾದಕ ವ್ಯಸನಿಗಳ ಮನಃಪರಿವರ್ತನೆ ಮಾಡಿ ಅವರ ಕುಟುಂಬಗಳಲ್ಲಿ ನೆಮ್ಮದಿ ಮೂಡಿಸಿದರು. ಸರ್ಕಾರ ಅವರ ಜನ್ಮದಿನವಾದ ಆಗಸ್ಟ್ 1ರಂದು ವ್ಯಸನ ಮುಕ್ತ ದಿನಾಚರಣೆ ಆಚರಿಸಲು ತೀರ್ಮಾನಿಸಿದೆ. ಶಾಲಾ ಕಾಲೇಜು ವಿದ್ಯಾರ್ಥಿಗಳು ಈ ಕುರಿತು ಜಾಗೃತಿ ಮೂಡಿಸಬೇಕು ಎಂದರು. ಕಾರ್ಯಕ್ರಮದಲ್ಲಿ ಪೊಲೀಸ್ ಇಲಾಖೆ, ಆರೋಗ್ಯ ಇಲಾಖೆ, ಶಿಕ್ಷಣ ಇಲಾಖೆಯ ಅಧಿಕಾರಿಗಳು ಹಾಜರಿದ್ದರು.
ಸ್ವಾಮೀಜಿಗಳ ಆಶಯ ಮತ್ತು ಮಾದಕ ವಸ್ತುಗಳ ಮುಕ್ತ ಸಮಾಜವನ್ನು ಕಟ್ಟಲು ಎಲ್ಲರೂ ಕೈಜೋಡಿಸಬೇಕು. ಮಾದಕ ವ್ಯಸನಿಗಳಿಗೆ ಪುನರ್ವಸತಿ ಕೇಂದ್ರಗಳ ಮೂಲಕ ಚಿಕಿತ್ಸೆ ನೀಡಿ ಅವರನ್ನು ಮುಖ್ಯವಾಹಿನಿಗೆ ತರಲು ಸರ್ಕಾರ ಕ್ರಮ ಕೈಗೊಂಡಿದೆ. ತಾಲ್ಲೂಕು ಕಚೇರಿಯಿಂದ ಪಟ್ಟಣದ ಪ್ರಮುಖ ಬೀದಿಗಳಲ್ಲಿ ಜಾಥಾ ನಡೆಸಲಾಯಿತು. ಈ ಸಂದರ್ಭದಲ್ಲಿ ತಹಶೀಲ್ದಾರ್, ತಾಲ್ಲೂಕು ಪಂಚಾಯಿತಿ ಕಾರ್ಯನಿರ್ವಹಣಾಧಿಕಾರಿ, ಸಿಡಿಪಿಒ, ಪೊಲೀಸ್ ಇನ್ಸ್‌ಪೆಕ್ಟರ್, ಆರೋಗ್ಯ ಅಧಿಕಾರಿಗಳು, ಶಾಲಾ ಶಿಕ್ಷಕರು, ವಿದ್ಯಾರ್ಥಿಗಳು ಭಾಗವಹಿಸಿದ್ದರು.
EDITOR, PUBLISHER, PRINTER & OWNED BY: H.S.PARAMESH, SRI LAKSHMI NARASIMHA OFFSET PRINTERS, 7TH CROSS, SRIRAMA NAGAR, TUMKUR, DIST-TUMKUR, KARNATAKA, PRINTED AT: SRI LAKSHMI NARASIMHA OFFSET PRINTERS, 7TH CROSS, SRIRAMA NAGAR, TUMKUR, DIST-TUMKUR, KARNATAKA,
